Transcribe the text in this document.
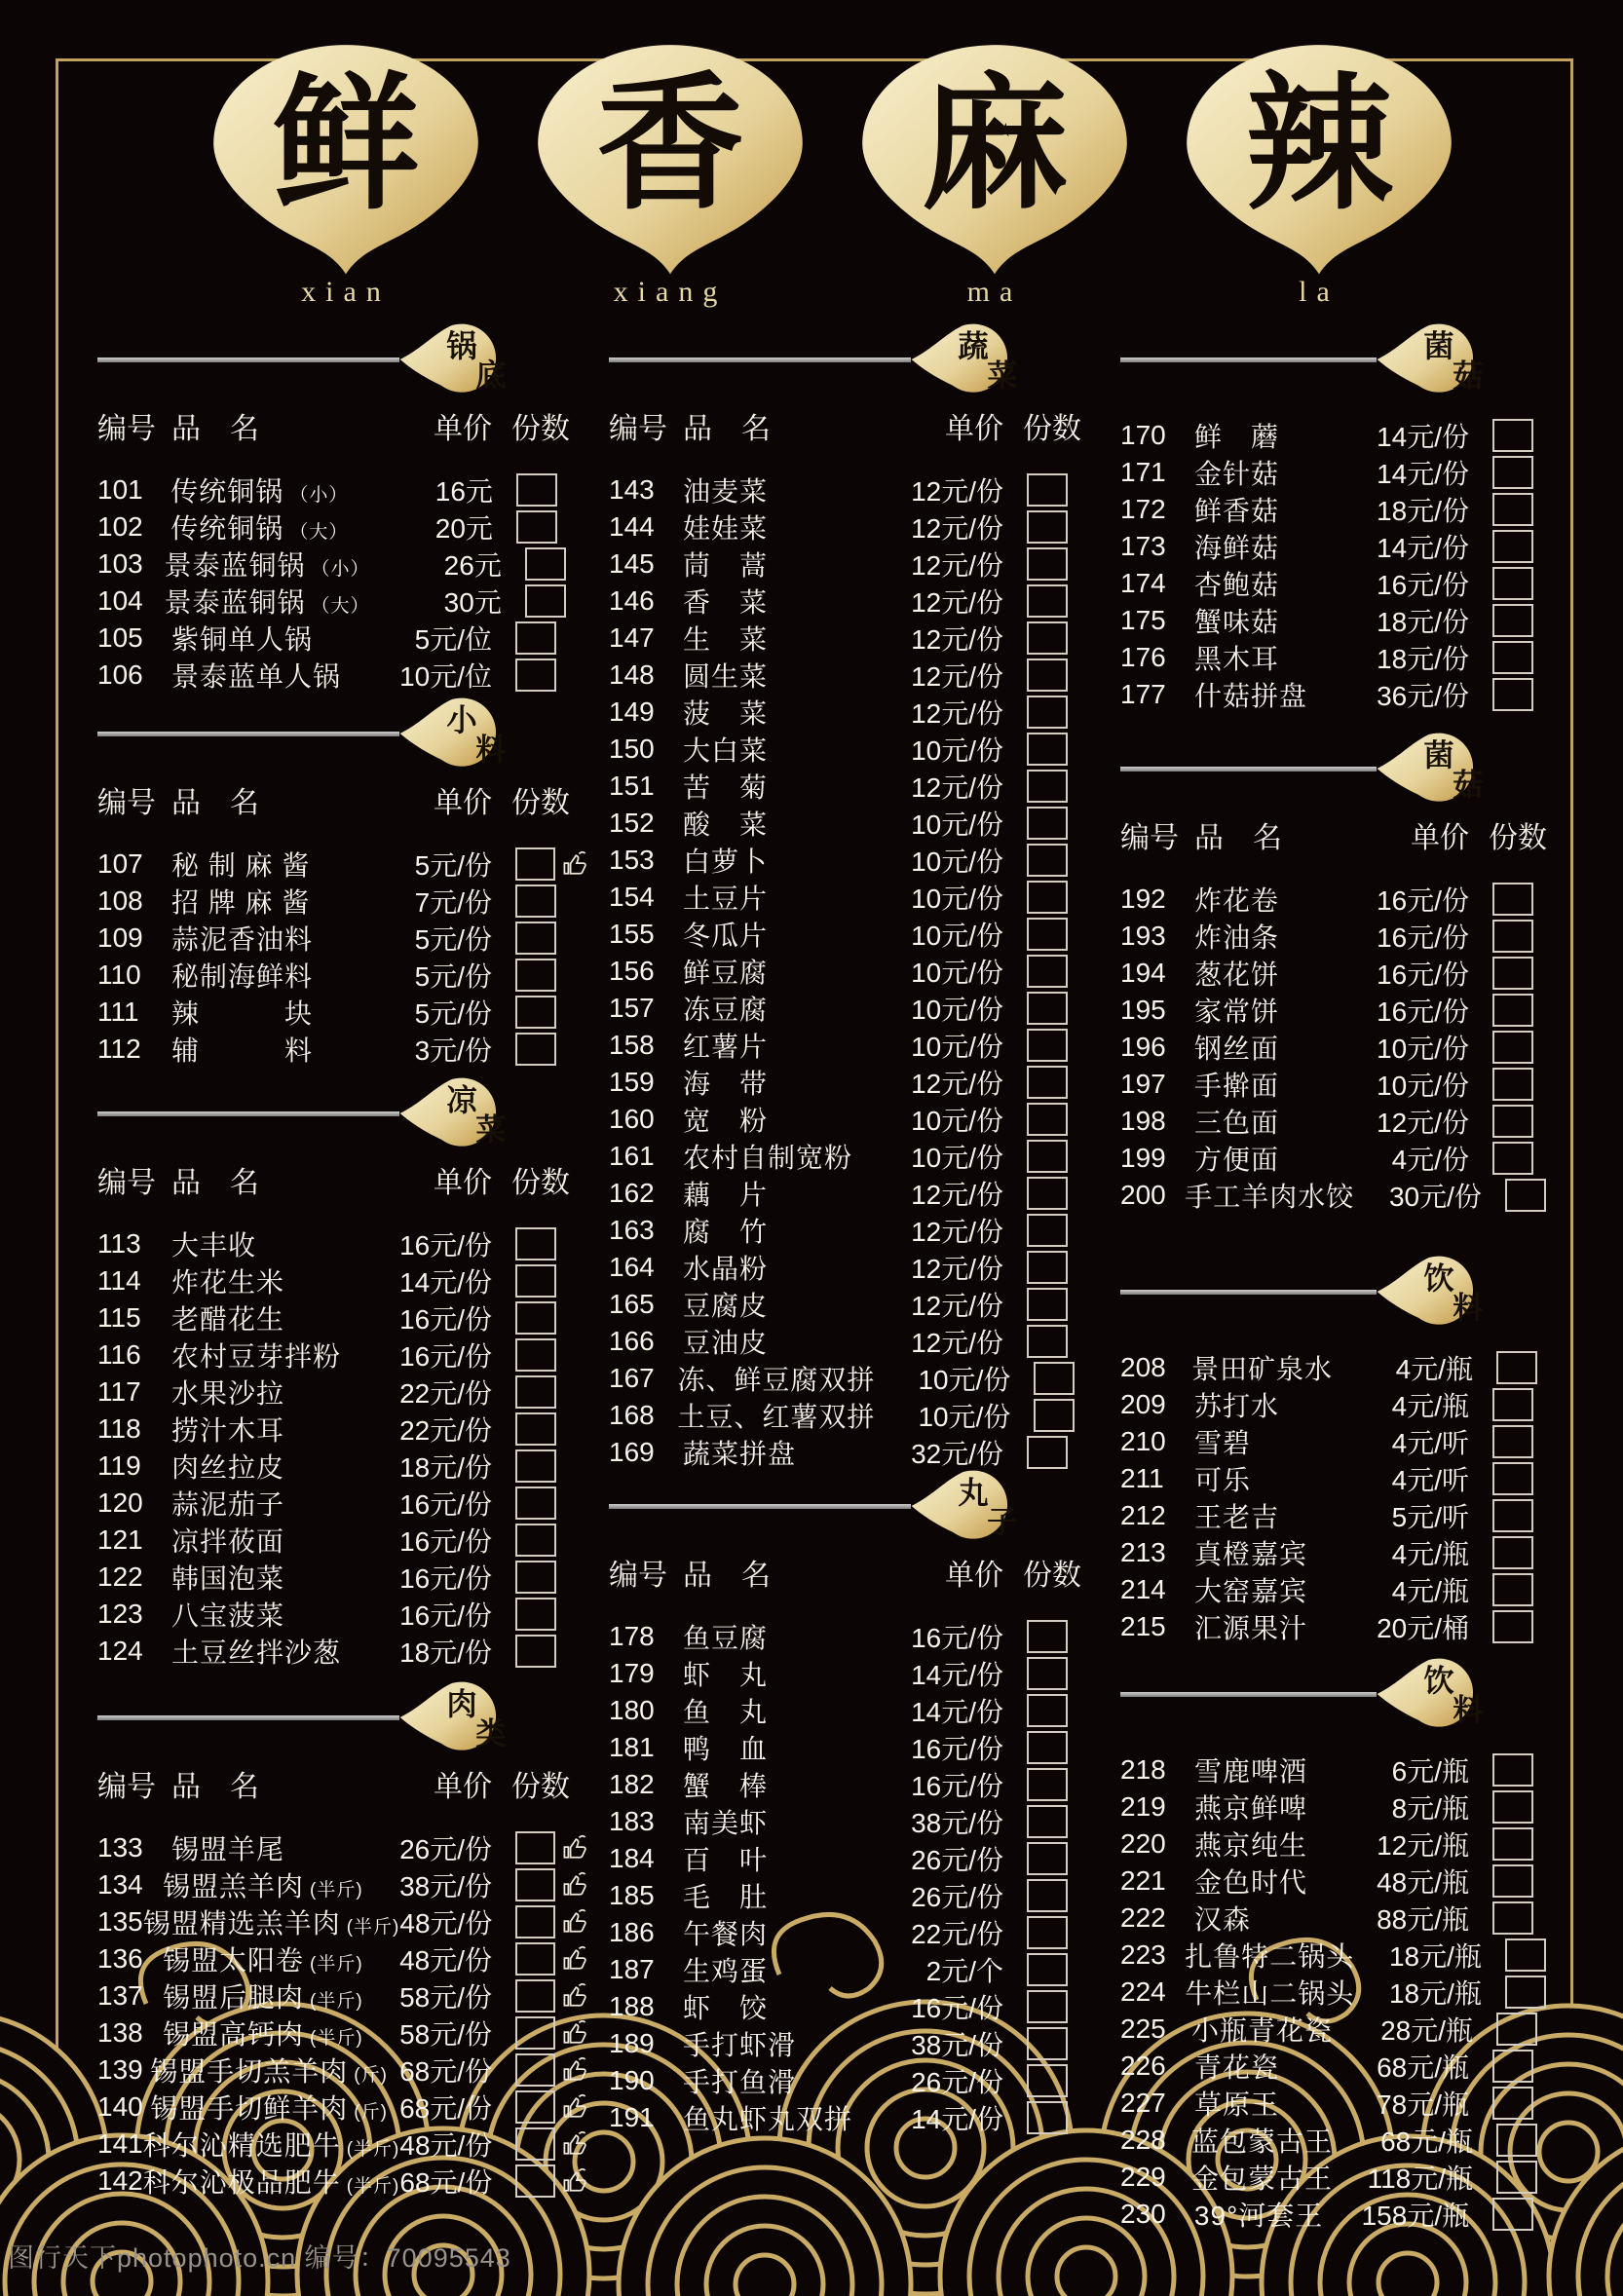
鲜
xian
香
xiang
麻
ma
辣
la
锅
底
编号 品　名	单价 份数
101	传统铜锅 （小）	16元
102	传统铜锅 （大）	20元
103 景泰蓝铜锅 （小）	26元
104 景泰蓝铜锅 （大）	30元
105	紫铜单人锅	5元/位
106	景泰蓝单人锅	10元/位
小
料
编号 品　名	单价 份数
107	秘 制 麻 酱	5元/份
108	招 牌 麻 酱	7元/份
109	蒜泥香油料	5元/份
110	秘制海鲜料	5元/份
111	辣　　　块	5元/份
112	辅　　　料	3元/份
凉
菜
编号 品　名	单价 份数
113	大丰收	16元/份
114	炸花生米	14元/份
115	老醋花生	16元/份
116	农村豆芽拌粉	16元/份
117	水果沙拉	22元/份
118	捞汁木耳	22元/份
119	肉丝拉皮	18元/份
120	蒜泥茄子	16元/份
121	凉拌莜面	16元/份
122	韩国泡菜	16元/份
123	八宝菠菜	16元/份
124	土豆丝拌沙葱	18元/份
肉
类
编号 品　名	单价 份数
133	锡盟羊尾	26元/份
134 锡盟羔羊肉 (半斤)	38元/份
135 锡盟精选羔羊肉 (半斤) 48元/份
136 锡盟太阳卷 (半斤)	48元/份
137 锡盟后腿肉 (半斤)	58元/份
138 锡盟高钙肉 (半斤)	58元/份
139 锡盟手切羔羊肉 (斤) 68元/份
140 锡盟手切鲜羊肉 (斤) 68元/份
141 科尔沁精选肥牛 (半斤) 48元/份
142 科尔沁极品肥牛 (半斤) 68元/份
蔬
菜
编号 品　名	单价 份数
143	油麦菜	12元/份
144	娃娃菜	12元/份
145	茼　蒿	12元/份
146	香　菜	12元/份
147	生　菜	12元/份
148	圆生菜	12元/份
149	菠　菜	12元/份
150	大白菜	10元/份
151	苦　菊	12元/份
152	酸　菜	10元/份
153	白萝卜	10元/份
154	土豆片	10元/份
155	冬瓜片	10元/份
156	鲜豆腐	10元/份
157	冻豆腐	10元/份
158	红薯片	10元/份
159	海　带	12元/份
160	宽　粉	10元/份
161	农村自制宽粉	10元/份
162	藕　片	12元/份
163	腐　竹	12元/份
164	水晶粉	12元/份
165	豆腐皮	12元/份
166	豆油皮	12元/份
167 冻、鲜豆腐双拼	10元/份
168 土豆、红薯双拼	10元/份
169	蔬菜拼盘	32元/份
丸
子
编号 品　名	单价 份数
178	鱼豆腐	16元/份
179	虾　丸	14元/份
180	鱼　丸	14元/份
181	鸭　血	16元/份
182	蟹　棒	16元/份
183	南美虾	38元/份
184	百　叶	26元/份
185	毛　肚	26元/份
186	午餐肉	22元/份
187	生鸡蛋	2元/个
188	虾　饺	16元/份
189	手打虾滑	38元/份
190	手打鱼滑	26元/份
191	鱼丸虾丸双拼	14元/份
菌
菇
170	鲜　蘑	14元/份
171	金针菇	14元/份
172	鲜香菇	18元/份
173	海鲜菇	14元/份
174	杏鲍菇	16元/份
175	蟹味菇	18元/份
176	黑木耳	18元/份
177	什菇拼盘	36元/份
菌
菇
编号 品　名	单价 份数
192	炸花卷	16元/份
193	炸油条	16元/份
194	葱花饼	16元/份
195	家常饼	16元/份
196	钢丝面	10元/份
197	手擀面	10元/份
198	三色面	12元/份
199	方便面	4元/份
200 手工羊肉水饺	30元/份
饮
料
208 景田矿泉水	4元/瓶
209	苏打水	4元/瓶
210	雪碧	4元/听
211	可乐	4元/听
212	王老吉	5元/听
213	真橙嘉宾	4元/瓶
214	大窑嘉宾	4元/瓶
215	汇源果汁	20元/桶
饮
料
218	雪鹿啤酒	6元/瓶
219	燕京鲜啤	8元/瓶
220	燕京纯生	12元/瓶
221	金色时代	48元/瓶
222	汉森	88元/瓶
223 扎鲁特二锅头	18元/瓶
224 牛栏山二锅头	18元/瓶
225 小瓶青花瓷	28元/瓶
226	青花瓷	68元/瓶
227	草原王	78元/瓶
228 蓝包蒙古王	68元/瓶
229 金包蒙古王	118元/瓶
230	39°河套王	158元/瓶
图行天下photophoto.cn 编号：70095543
